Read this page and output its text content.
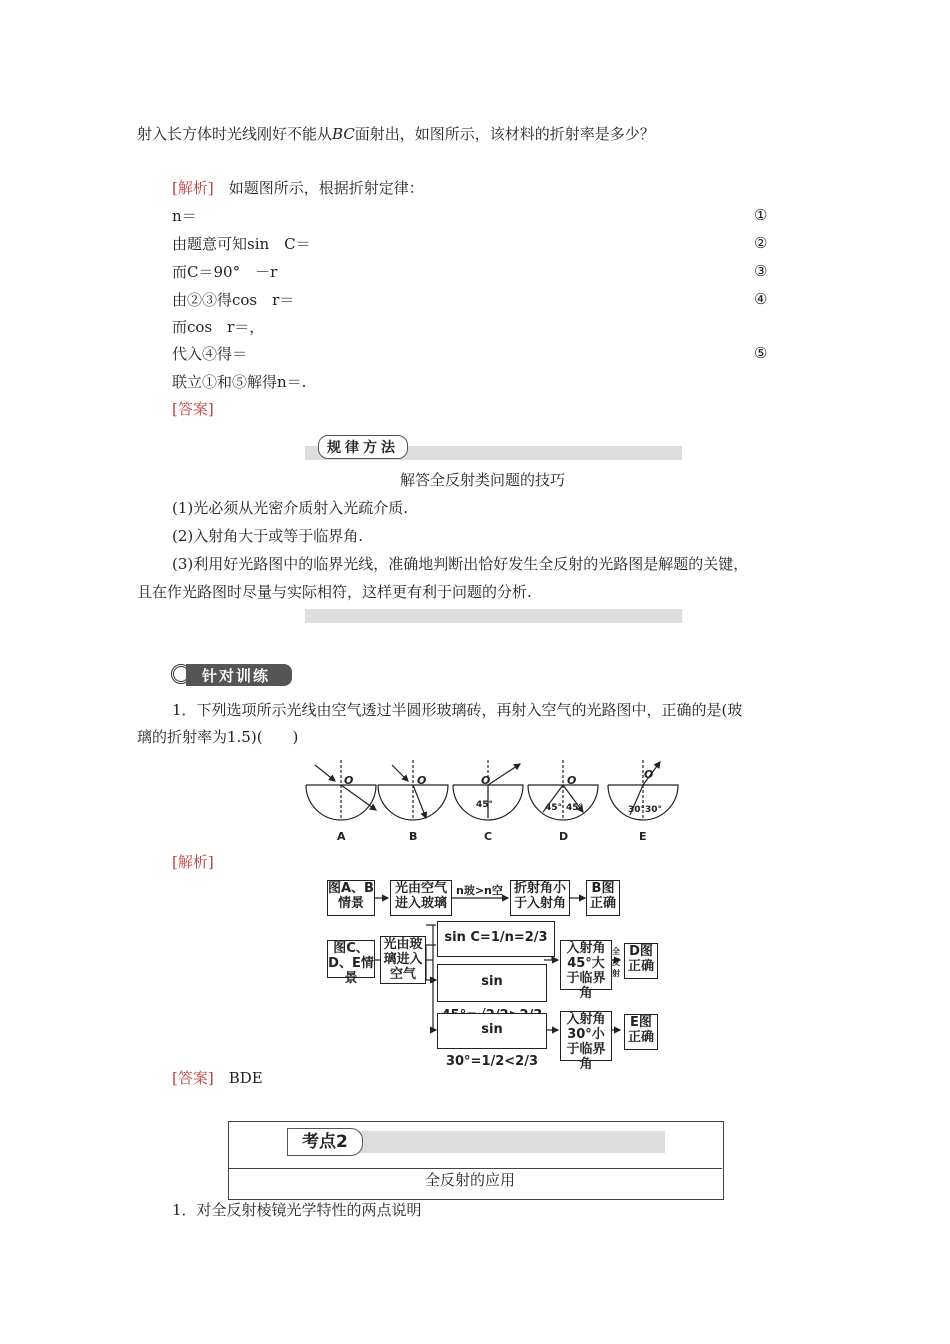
射入长方体时光线刚好不能从BC面射出，如图所示，该材料的折射率是多少？
[解析]　 如题图所示，根据折射定律：
n＝	①
由题意可知sin　C＝	②
而C＝90°　－r	③
由②③得cos　r＝	④
而cos　r＝，
代入④得＝	⑤
联立①和⑤解得n＝.
[答案]
规律方法
解答全反射类问题的技巧
(1)光必须从光密介质射入光疏介质.
(2)入射角大于或等于临界角.
(3)利用好光路图中的临界光线，准确地判断出恰好发生全反射的光路图是解题的关键，
且在作光路图时尽量与实际相符，这样更有利于问题的分析.
针对训练
1．下列选项所示光线由空气透过半圆形玻璃砖，再射入空气的光路图中，正确的是(玻
璃的折射率为1.5)(　　)
O	O	O	O	O
45°	45° 45°	30° 30°
A	B	C	D	E
[解析]
图A、B情景
光由空气进入玻璃
n玻>n空 折射角小于入射角
B图正确
图C、D、E情景
光由玻璃进入空气
sin C=1/n=2/3
sin
sin 30°=1/2<2/3
入射角45°大于临界角
全反射
D图正确
入射角30°小于临界角
E图正确
[答案]　 BDE
考点2
全反射的应用
1．对全反射棱镜光学特性的两点说明
